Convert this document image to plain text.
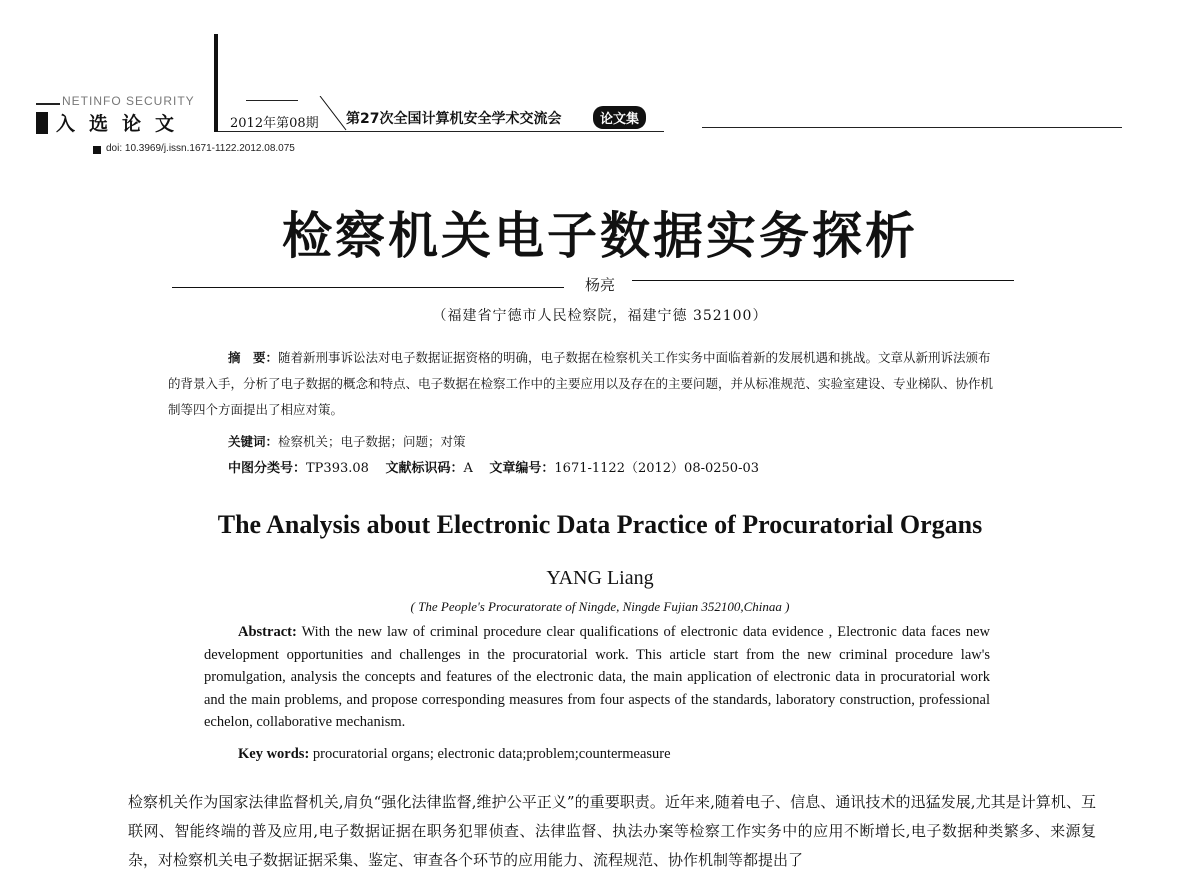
NETINFO SECURITY
入选论文	2012年第08期 第27次全国计算机安全学术交流会	论文集
doi: 10.3969/j.issn.1671-1122.2012.08.075
检察机关电子数据实务探析
杨亮
（福建省宁德市人民检察院，福建宁德 352100）
摘　要：随着新刑事诉讼法对电子数据证据资格的明确，电子数据在检察机关工作实务中面临着新的发展机遇和挑战。文章从新刑诉法颁布的背景入手，分析了电子数据的概念和特点、电子数据在检察工作中的主要应用以及存在的主要问题，并从标准规范、实验室建设、专业梯队、协作机制等四个方面提出了相应对策。
关键词：检察机关；电子数据；问题；对策
中图分类号：TP393.08 文献标识码：A 文章编号：1671-1122（2012）08-0250-03
The Analysis about Electronic Data Practice of Procuratorial Organs
YANG Liang
( The People's Procuratorate of Ningde, Ningde Fujian 352100,Chinaa )
Abstract: With the new law of criminal procedure clear qualifications of electronic data evidence , Electronic data faces new development opportunities and challenges in the procuratorial work. This article start from the new criminal procedure law's promulgation, analysis the concepts and features of the electronic data, the main application of electronic data in procuratorial work and the main problems, and propose corresponding measures from four aspects of the standards, laboratory construction, professional echelon, collaborative mechanism.
Key words: procuratorial organs; electronic data;problem;countermeasure
检察机关作为国家法律监督机关,肩负“强化法律监督,维护公平正义”的重要职责。近年来,随着电子、信息、通讯技术的迅猛发展,尤其是计算机、互联网、智能终端的普及应用,电子数据证据在职务犯罪侦查、法律监督、执法办案等检察工作实务中的应用不断增长,电子数据种类繁多、来源复杂，对检察机关电子数据证据采集、鉴定、审查各个环节的应用能力、流程规范、协作机制等都提出了
